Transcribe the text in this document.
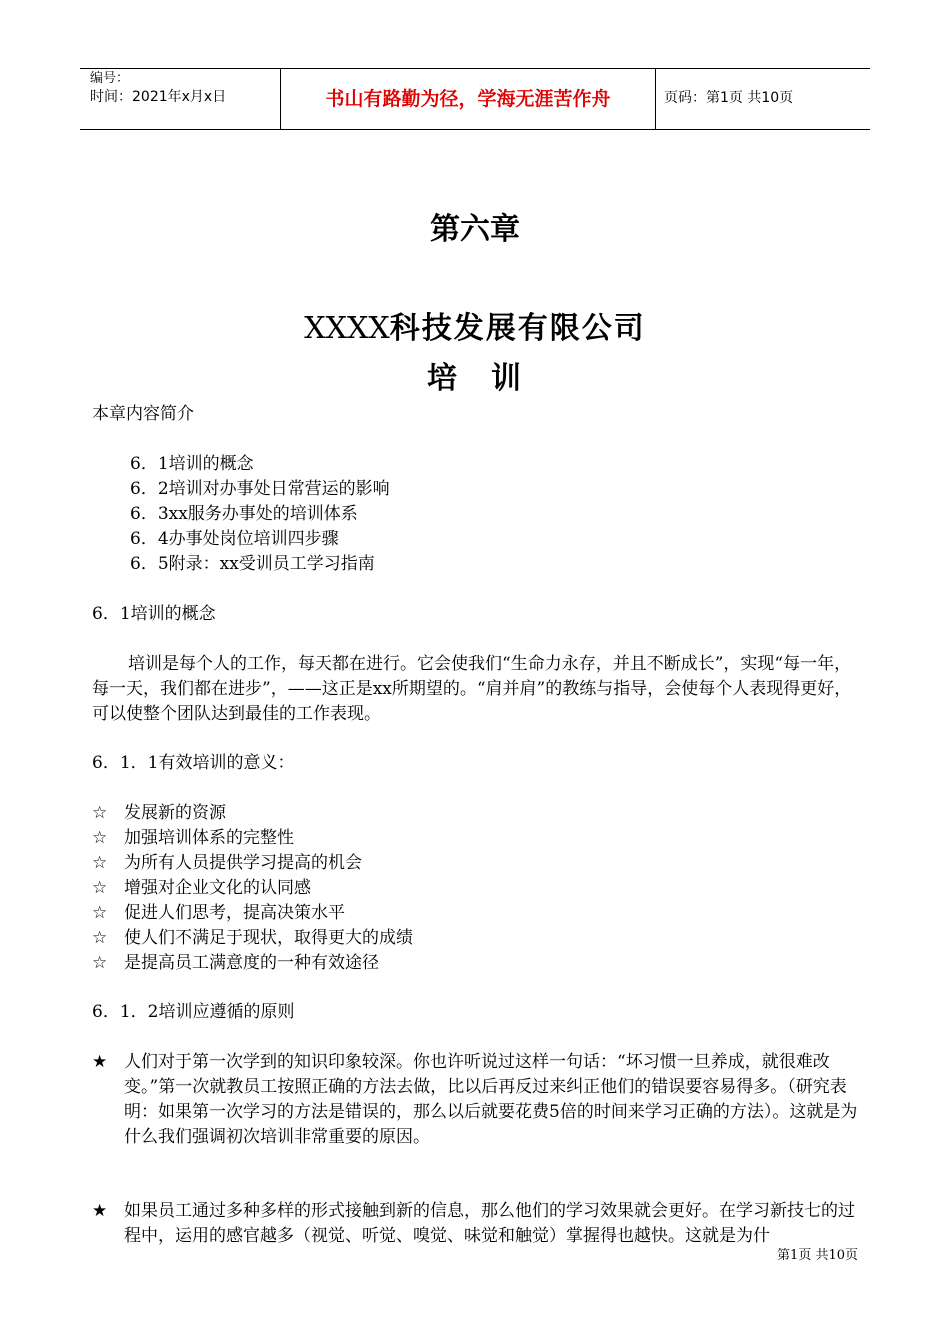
编号：
时间：2021年x月x日	书山有路勤为径，学海无涯苦作舟	页码：第1页 共10页
第六章
XXXX科技发展有限公司
培　训
本章内容简介
6．1培训的概念
6．2培训对办事处日常营运的影响
6．3xx服务办事处的培训体系
6．4办事处岗位培训四步骤
6．5附录：xx受训员工学习指南
6．1培训的概念
培训是每个人的工作，每天都在进行。它会使我们“生命力永存，并且不断成长”，实现“每一年，每一天，我们都在进步”，——这正是xx所期望的。“肩并肩”的教练与指导，会使每个人表现得更好，可以使整个团队达到最佳的工作表现。
6．1．1有效培训的意义：
☆ 发展新的资源
☆ 加强培训体系的完整性
☆ 为所有人员提供学习提高的机会
☆ 增强对企业文化的认同感
☆ 促进人们思考，提高决策水平
☆ 使人们不满足于现状，取得更大的成绩
☆ 是提高员工满意度的一种有效途径
6．1．2培训应遵循的原则
★ 人们对于第一次学到的知识印象较深。你也许听说过这样一句话：“坏习惯一旦养成，就很难改变。”第一次就教员工按照正确的方法去做，比以后再反过来纠正他们的错误要容易得多。（研究表明：如果第一次学习的方法是错误的，那么以后就要花费5倍的时间来学习正确的方法）。这就是为什么我们强调初次培训非常重要的原因。
★ 如果员工通过多种多样的形式接触到新的信息，那么他们的学习效果就会更好。在学习新技七的过程中，运用的感官越多（视觉、听觉、嗅觉、味觉和触觉）掌握得也越快。这就是为什
第1页 共10页
